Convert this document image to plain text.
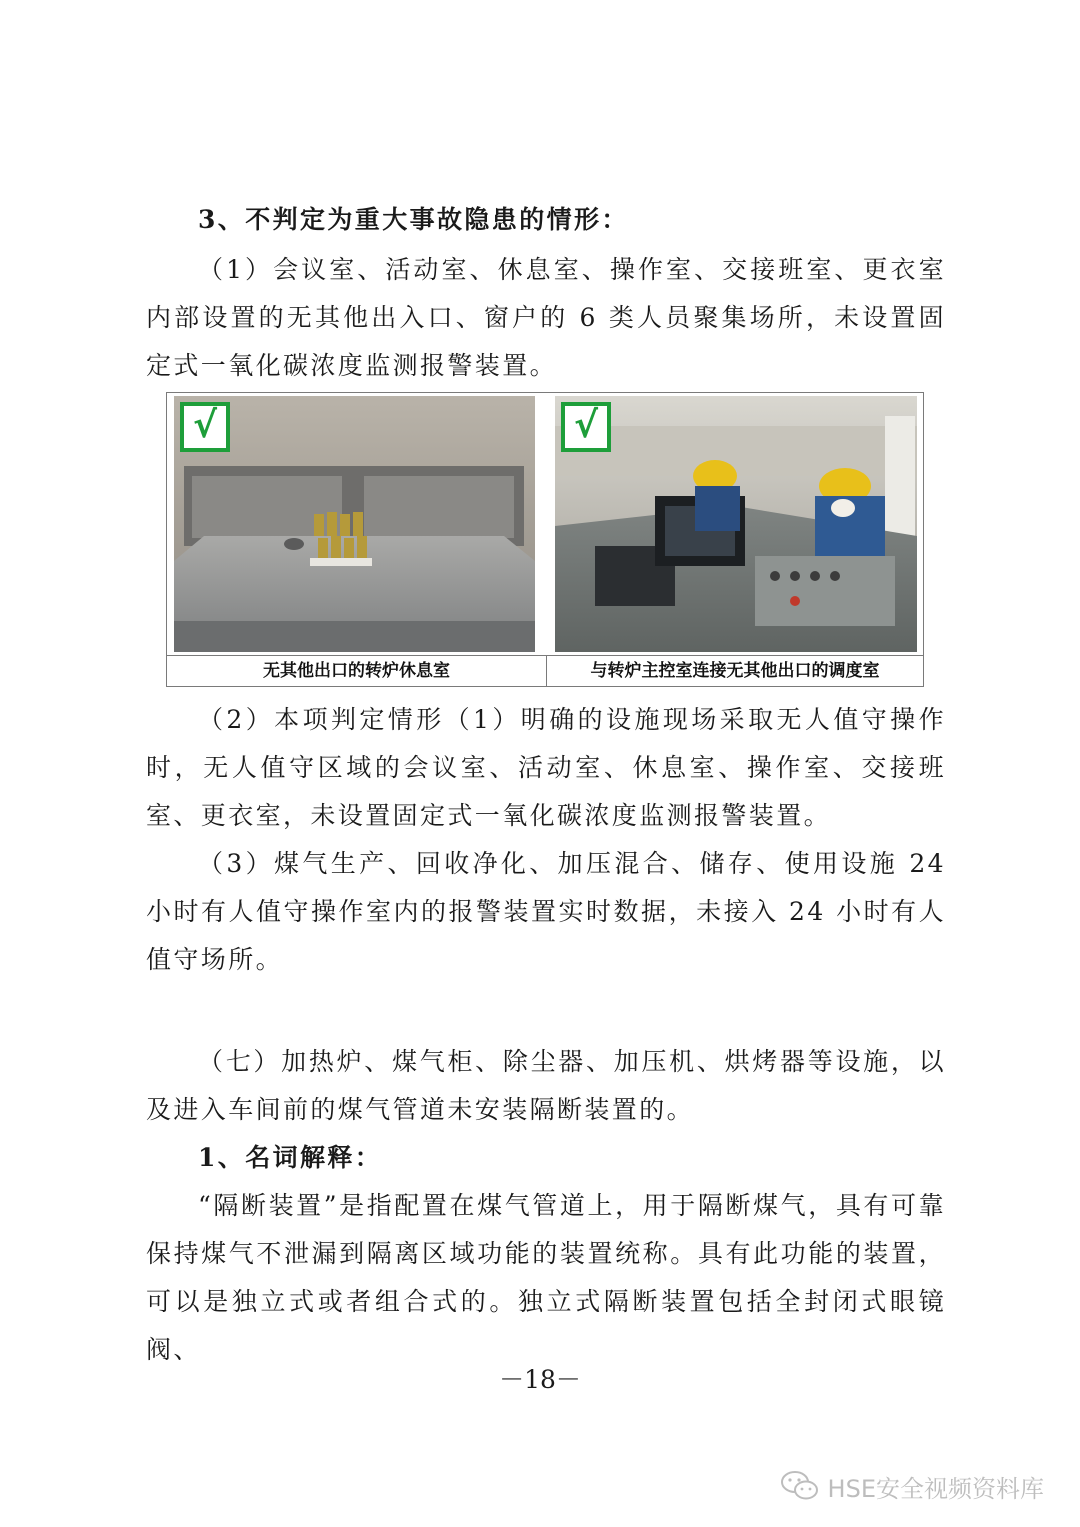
3、不判定为重大事故隐患的情形：

（1）会议室、活动室、休息室、操作室、交接班室、更衣室内部设置的无其他出入口、窗户的 6 类人员聚集场所，未设置固定式一氧化碳浓度监测报警装置。

√	√
无其他出口的转炉休息室	与转炉主控室连接无其他出口的调度室

（2）本项判定情形（1）明确的设施现场采取无人值守操作时，无人值守区域的会议室、活动室、休息室、操作室、交接班室、更衣室，未设置固定式一氧化碳浓度监测报警装置。

（3）煤气生产、回收净化、加压混合、储存、使用设施 24 小时有人值守操作室内的报警装置实时数据，未接入 24 小时有人值守场所。

（七）加热炉、煤气柜、除尘器、加压机、烘烤器等设施，以及进入车间前的煤气管道未安装隔断装置的。

1、名词解释：

“隔断装置”是指配置在煤气管道上，用于隔断煤气，具有可靠保持煤气不泄漏到隔离区域功能的装置统称。具有此功能的装置，可以是独立式或者组合式的。独立式隔断装置包括全封闭式眼镜阀、

－18－
HSE安全视频资料库
